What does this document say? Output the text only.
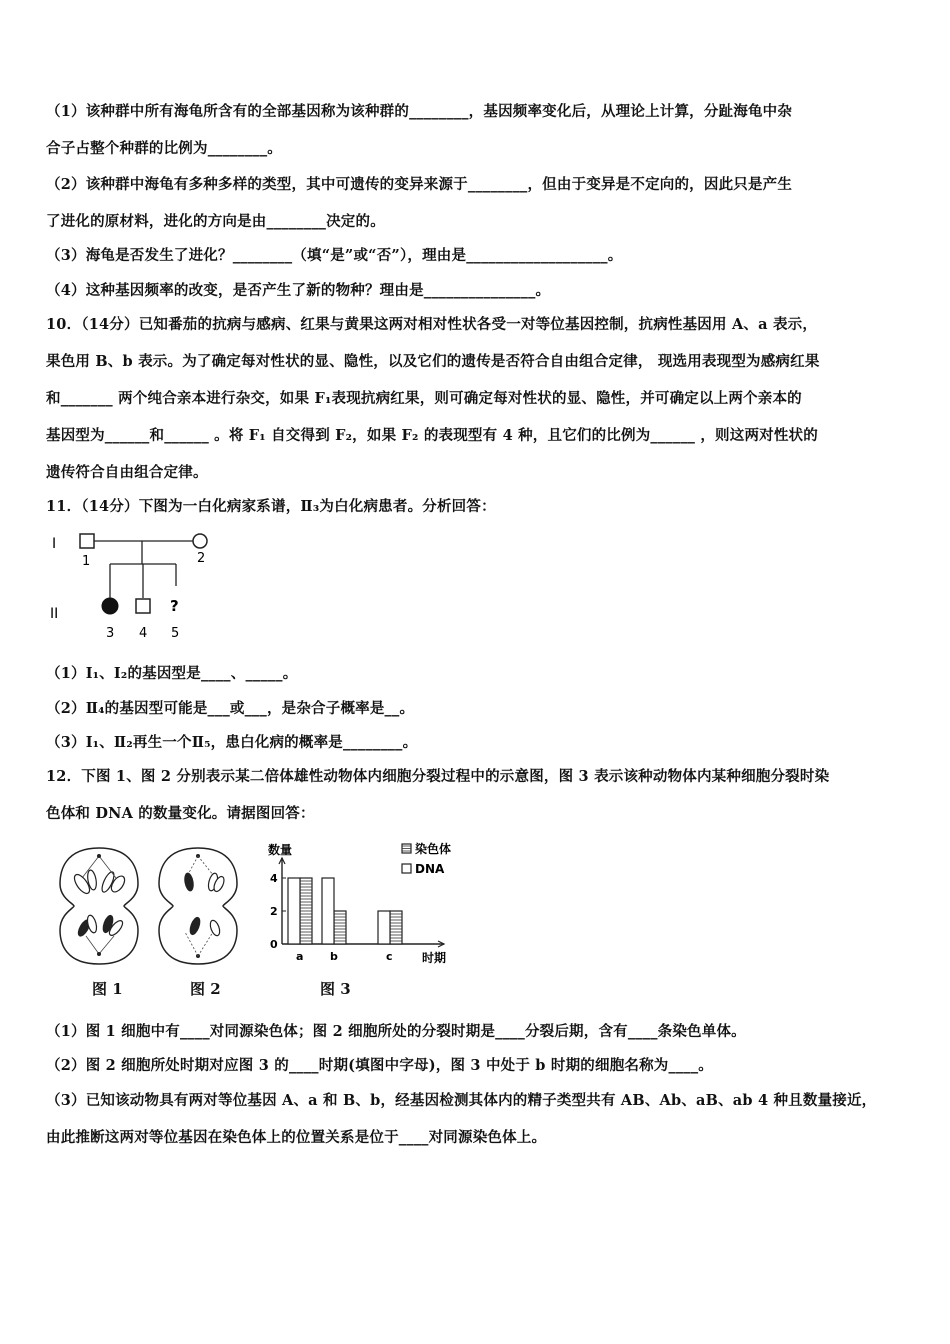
（1）该种群中所有海龟所含有的全部基因称为该种群的________，基因频率变化后，从理论上计算，分趾海龟中杂
合子占整个种群的比例为________。
（2）该种群中海龟有多种多样的类型，其中可遗传的变异来源于________，但由于变异是不定向的，因此只是产生
了进化的原材料，进化的方向是由________决定的。
（3）海龟是否发生了进化？________（填“是”或“否”），理由是___________________。
（4）这种基因频率的改变，是否产生了新的物种？理由是_______________。
10．（14分）已知番茄的抗病与感病、红果与黄果这两对相对性状各受一对等位基因控制，抗病性基因用 A、a 表示，
果色用 B、b 表示。为了确定每对性状的显、隐性，以及它们的遗传是否符合自由组合定律， 现选用表现型为感病红果
和_______ 两个纯合亲本进行杂交，如果 F₁表现抗病红果，则可确定每对性状的显、隐性，并可确定以上两个亲本的
基因型为______和______ 。将 F₁ 自交得到 F₂，如果 F₂ 的表现型有 4 种，且它们的比例为______ ，则这两对性状的
遗传符合自由组合定律。
11．（14分）下图为一白化病家系谱，Ⅱ₃为白化病患者。分析回答：
I
II
1	2
3 4
?
5
（1）Ⅰ₁、Ⅰ₂的基因型是____、_____。
（2）Ⅱ₄的基因型可能是___或___，是杂合子概率是__。
（3）Ⅰ₁、Ⅱ₂再生一个Ⅱ₅，患白化病的概率是________。
12．下图 1、图 2 分别表示某二倍体雄性动物体内细胞分裂过程中的示意图，图 3 表示该种动物体内某种细胞分裂时染
色体和 DNA 的数量变化。请据图回答：
图 1	图 2
数量
时期
0
2
4
a b	c
染色体
DNA
图 3
（1）图 1 细胞中有____对同源染色体；图 2 细胞所处的分裂时期是____分裂后期，含有____条染色单体。
（2）图 2 细胞所处时期对应图 3 的____时期(填图中字母)，图 3 中处于 b 时期的细胞名称为____。
（3）已知该动物具有两对等位基因 A、a 和 B、b，经基因检测其体内的精子类型共有 AB、Ab、aB、ab 4 种且数量接近，
由此推断这两对等位基因在染色体上的位置关系是位于____对同源染色体上。
